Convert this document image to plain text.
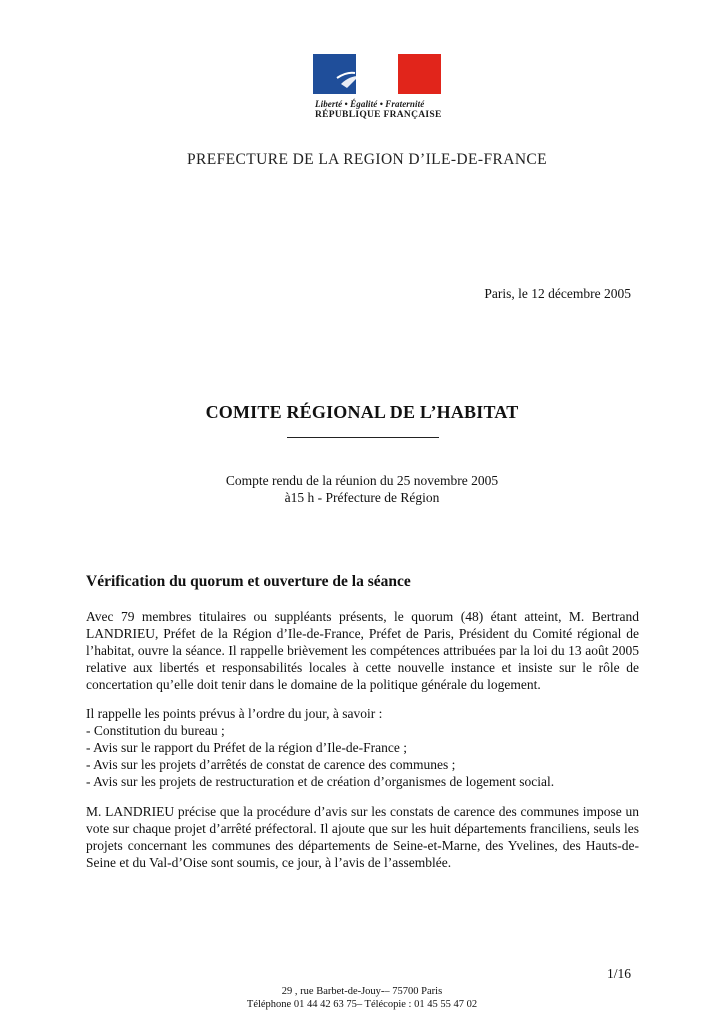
Liberté • Égalité • Fraternité
RÉPUBLIQUE FRANÇAISE
PREFECTURE DE LA REGION D’ILE-DE-FRANCE
Paris, le 12 décembre 2005
COMITE RÉGIONAL DE L’HABITAT
Compte rendu de la réunion du 25 novembre 2005
à15 h - Préfecture de Région
Vérification du quorum et ouverture de la séance

Avec 79 membres titulaires ou suppléants présents, le quorum (48) étant atteint, M. Bertrand LANDRIEU, Préfet de la Région d’Ile-de-France, Préfet de Paris, Président du Comité régional de l’habitat, ouvre la séance. Il rappelle brièvement les compétences attribuées par la loi du 13 août 2005 relative aux libertés et responsabilités locales à cette nouvelle instance et insiste sur le rôle de concertation qu’elle doit tenir dans le domaine de la politique générale du logement.

Il rappelle les points prévus à l’ordre du jour, à savoir :
- Constitution du bureau ;
- Avis sur le rapport du Préfet de la région d’Ile-de-France ;
- Avis sur les projets d’arrêtés de constat de carence des communes ;
- Avis sur les projets de restructuration et de création d’organismes de logement social.

M. LANDRIEU précise que la procédure d’avis sur les constats de carence des communes impose un vote sur chaque projet d’arrêté préfectoral. Il ajoute que sur les huit départements franciliens, seuls les projets concernant les communes des départements de Seine-et-Marne, des Yvelines, des Hauts-de-Seine et du Val-d’Oise sont soumis, ce jour, à l’avis de l’assemblée.

1/16
29 , rue Barbet-de-Jouy-– 75700 Paris
Téléphone 01 44 42 63 75– Télécopie : 01 45 55 47 02
